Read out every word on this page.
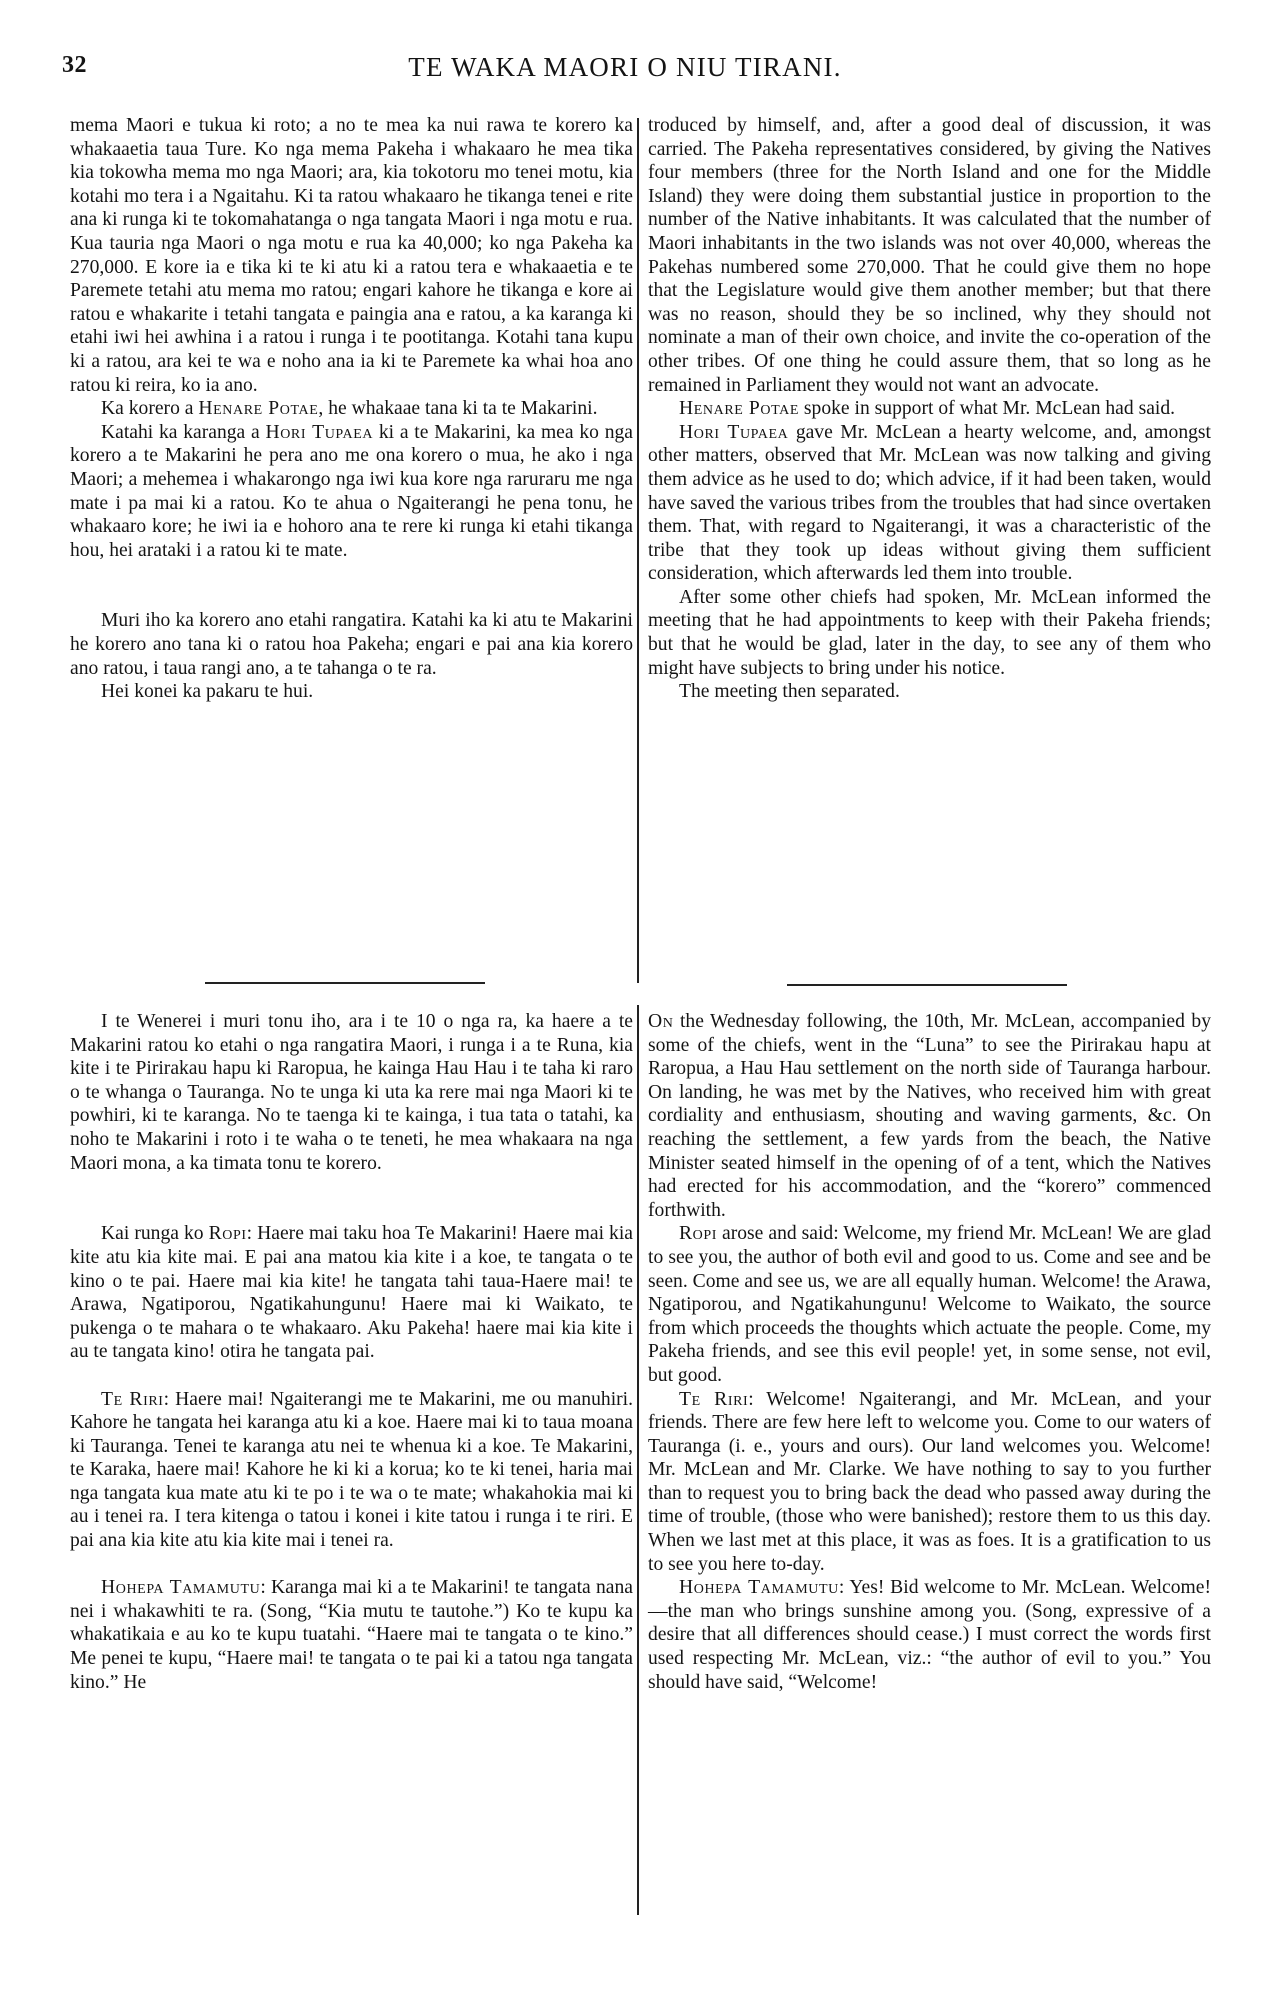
32	TE WAKA MAORI O NIU TIRANI.

mema Maori e tukua ki roto; a no te mea ka nui rawa te korero ka whakaaetia taua Ture. Ko nga mema Pakeha i whakaaro he mea tika kia tokowha mema mo nga Maori; ara, kia tokotoru mo tenei motu, kia kotahi mo tera i a Ngaitahu. Ki ta ratou whakaaro he tikanga tenei e rite ana ki runga ki te tokomahatanga o nga tangata Maori i nga motu e rua. Kua tauria nga Maori o nga motu e rua ka 40,000; ko nga Pakeha ka 270,000. E kore ia e tika ki te ki atu ki a ratou tera e whakaaetia e te Paremete tetahi atu mema mo ratou; engari kahore he tikanga e kore ai ratou e whakarite i tetahi tangata e paingia ana e ratou, a ka karanga ki etahi iwi hei awhina i a ratou i runga i te pootitanga. Kotahi tana kupu ki a ratou, ara kei te wa e noho ana ia ki te Paremete ka whai hoa ano ratou ki reira, ko ia ano.

Ka korero a Henare Potae, he whakaae tana ki ta te Makarini.

Katahi ka karanga a Hori Tupaea ki a te Makarini, ka mea ko nga korero a te Makarini he pera ano me ona korero o mua, he ako i nga Maori; a mehemea i whakarongo nga iwi kua kore nga raruraru me nga mate i pa mai ki a ratou. Ko te ahua o Ngaiterangi he pena tonu, he whakaaro kore; he iwi ia e hohoro ana te rere ki runga ki etahi tikanga hou, hei arataki i a ratou ki te mate.

Muri iho ka korero ano etahi rangatira. Katahi ka ki atu te Makarini he korero ano tana ki o ratou hoa Pakeha; engari e pai ana kia korero ano ratou, i taua rangi ano, a te tahanga o te ra.

Hei konei ka pakaru te hui.

troduced by himself, and, after a good deal of discussion, it was carried. The Pakeha representatives considered, by giving the Natives four members (three for the North Island and one for the Middle Island) they were doing them substantial justice in proportion to the number of the Native inhabitants. It was calculated that the number of Maori inhabitants in the two islands was not over 40,000, whereas the Pakehas numbered some 270,000. That he could give them no hope that the Legislature would give them another member; but that there was no reason, should they be so inclined, why they should not nominate a man of their own choice, and invite the co-operation of the other tribes. Of one thing he could assure them, that so long as he remained in Parliament they would not want an advocate.

Henare Potae spoke in support of what Mr. McLean had said.

Hori Tupaea gave Mr. McLean a hearty welcome, and, amongst other matters, observed that Mr. McLean was now talking and giving them advice as he used to do; which advice, if it had been taken, would have saved the various tribes from the troubles that had since overtaken them. That, with regard to Ngaiterangi, it was a characteristic of the tribe that they took up ideas without giving them sufficient consideration, which afterwards led them into trouble.

After some other chiefs had spoken, Mr. McLean informed the meeting that he had appointments to keep with their Pakeha friends; but that he would be glad, later in the day, to see any of them who might have subjects to bring under his notice.

The meeting then separated.

I te Wenerei i muri tonu iho, ara i te 10 o nga ra, ka haere a te Makarini ratou ko etahi o nga rangatira Maori, i runga i a te Runa, kia kite i te Pirirakau hapu ki Raropua, he kainga Hau Hau i te taha ki raro o te whanga o Tauranga. No te unga ki uta ka rere mai nga Maori ki te powhiri, ki te karanga. No te taenga ki te kainga, i tua tata o tatahi, ka noho te Makarini i roto i te waha o te teneti, he mea whakaara na nga Maori mona, a ka timata tonu te korero.

Kai runga ko Ropi: Haere mai taku hoa Te Makarini! Haere mai kia kite atu kia kite mai. E pai ana matou kia kite i a koe, te tangata o te kino o te pai. Haere mai kia kite! he tangata tahi taua-Haere mai! te Arawa, Ngatiporou, Ngatikahungunu! Haere mai ki Waikato, te pukenga o te mahara o te whakaaro. Aku Pakeha! haere mai kia kite i au te tangata kino! otira he tangata pai.

Te Riri: Haere mai! Ngaiterangi me te Makarini, me ou manuhiri. Kahore he tangata hei karanga atu ki a koe. Haere mai ki to taua moana ki Tauranga. Tenei te karanga atu nei te whenua ki a koe. Te Makarini, te Karaka, haere mai! Kahore he ki ki a korua; ko te ki tenei, haria mai nga tangata kua mate atu ki te po i te wa o te mate; whakahokia mai ki au i tenei ra. I tera kitenga o tatou i konei i kite tatou i runga i te riri. E pai ana kia kite atu kia kite mai i tenei ra.

Hohepa Tamamutu: Karanga mai ki a te Makarini! te tangata nana nei i whakawhiti te ra. (Song, “Kia mutu te tautohe.”) Ko te kupu ka whakatikaia e au ko te kupu tuatahi. “Haere mai te tangata o te kino.” Me penei te kupu, “Haere mai! te tangata o te pai ki a tatou nga tangata kino.” He

On the Wednesday following, the 10th, Mr. McLean, accompanied by some of the chiefs, went in the “Luna” to see the Pirirakau hapu at Raropua, a Hau Hau settlement on the north side of Tauranga harbour. On landing, he was met by the Natives, who received him with great cordiality and enthusiasm, shouting and waving garments, &c. On reaching the settlement, a few yards from the beach, the Native Minister seated himself in the opening of of a tent, which the Natives had erected for his accommodation, and the “korero” commenced forthwith.

Ropi arose and said: Welcome, my friend Mr. McLean! We are glad to see you, the author of both evil and good to us. Come and see and be seen. Come and see us, we are all equally human. Welcome! the Arawa, Ngatiporou, and Ngatikahungunu! Welcome to Waikato, the source from which proceeds the thoughts which actuate the people. Come, my Pakeha friends, and see this evil people! yet, in some sense, not evil, but good.

Te Riri: Welcome! Ngaiterangi, and Mr. McLean, and your friends. There are few here left to welcome you. Come to our waters of Tauranga (i. e., yours and ours). Our land welcomes you. Welcome! Mr. McLean and Mr. Clarke. We have nothing to say to you further than to request you to bring back the dead who passed away during the time of trouble, (those who were banished); restore them to us this day. When we last met at this place, it was as foes. It is a gratification to us to see you here to-day.

Hohepa Tamamutu: Yes! Bid welcome to Mr. McLean. Welcome!—the man who brings sunshine among you. (Song, expressive of a desire that all differences should cease.) I must correct the words first used respecting Mr. McLean, viz.: “the author of evil to you.” You should have said, “Welcome!
